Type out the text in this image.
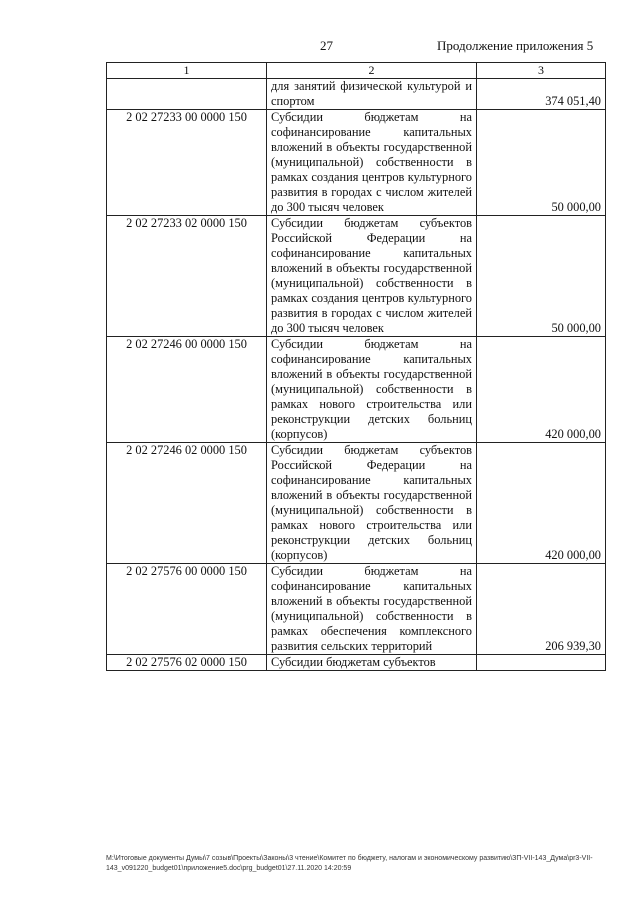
27	Продолжение приложения 5
1	2	3
	для занятий физической культурой и спортом	374 051,40
2 02 27233 00 0000 150	Субсидии бюджетам на софинансирование капитальных вложений в объекты государственной (муниципальной) собственности в рамках создания центров культурного развития в городах с числом жителей до 300 тысяч человек	50 000,00
2 02 27233 02 0000 150	Субсидии бюджетам субъектов Российской Федерации на софинансирование капитальных вложений в объекты государственной (муниципальной) собственности в рамках создания центров культурного развития в городах с числом жителей до 300 тысяч человек	50 000,00
2 02 27246 00 0000 150	Субсидии бюджетам на софинансирование капитальных вложений в объекты государственной (муниципальной) собственности в рамках нового строительства или реконструкции детских больниц (корпусов)	420 000,00
2 02 27246 02 0000 150	Субсидии бюджетам субъектов Российской Федерации на софинансирование капитальных вложений в объекты государственной (муниципальной) собственности в рамках нового строительства или реконструкции детских больниц (корпусов)	420 000,00
2 02 27576 00 0000 150	Субсидии бюджетам на софинансирование капитальных вложений в объекты государственной (муниципальной) собственности в рамках обеспечения комплексного развития сельских территорий	206 939,30
2 02 27576 02 0000 150	Субсидии бюджетам субъектов	
М:\Итоговые документы Думы\7 созыв\Проекты\Законы\3 чтение\Комитет по бюджету, налогам и экономическому развитию\ЗП-VII-143_Дума\pr3-VII-143_v091220_budget01\приложение5.doc\prg_budget01\27.11.2020 14:20:59
